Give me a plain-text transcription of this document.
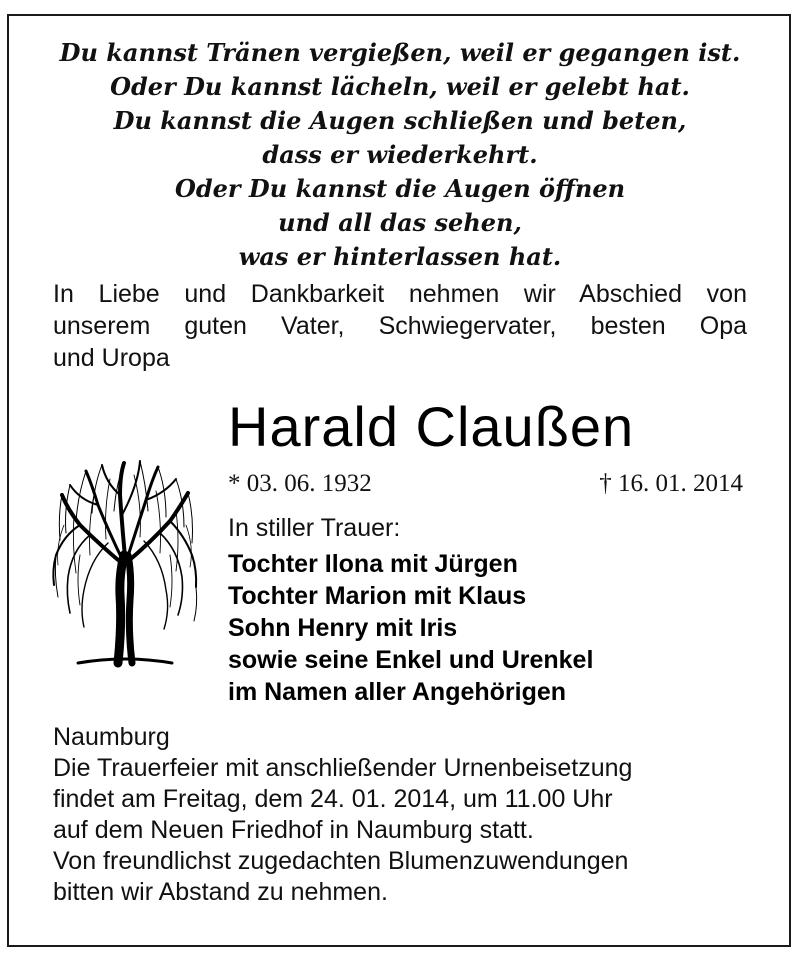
Du kannst Tränen vergießen, weil er gegangen ist.
Oder Du kannst lächeln, weil er gelebt hat.
Du kannst die Augen schließen und beten,
dass er wiederkehrt.
Oder Du kannst die Augen öffnen
und all das sehen,
was er hinterlassen hat.
In Liebe und Dankbarkeit nehmen wir Abschied von
unserem guten Vater, Schwiegervater, besten Opa
und Uropa
Harald Claußen
* 03. 06. 1932	† 16. 01. 2014
In stiller Trauer:
Tochter Ilona mit Jürgen
Tochter Marion mit Klaus
Sohn Henry mit Iris
sowie seine Enkel und Urenkel
im Namen aller Angehörigen
Naumburg
Die Trauerfeier mit anschließender Urnenbeisetzung
findet am Freitag, dem 24. 01. 2014, um 11.00 Uhr
auf dem Neuen Friedhof in Naumburg statt.
Von freundlichst zugedachten Blumenzuwendungen
bitten wir Abstand zu nehmen.
